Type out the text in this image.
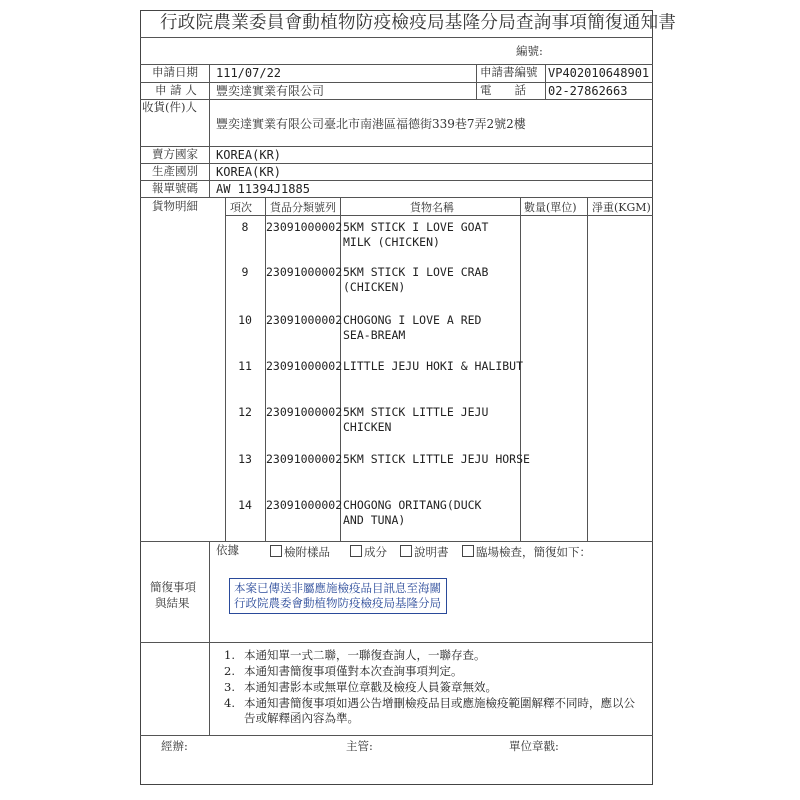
行政院農業委員會動植物防疫檢疫局基隆分局查詢事項簡復通知書
編號:
申請日期 111/07/22	申請書編號 VP402010648901
申 請 人 豐奕達實業有限公司	電　　話 02-27862663
收貨(件)人
豐奕達實業有限公司臺北市南港區福德街339巷7弄2號2樓
賣方國家 KOREA(KR)
生產國別 KOREA(KR)
報單號碼 AW 11394J1885
貨物明細	項次 貨品分類號列	貨物名稱	數量(單位) 淨重(KGM)
8	23091000002 5KM STICK I LOVE GOAT MILK (CHICKEN)
9	23091000002 5KM STICK I LOVE CRAB (CHICKEN)
10	23091000002 CHOGONG I LOVE A RED SEA-BREAM
11	23091000002 LITTLE JEJU HOKI & HALIBUT
12	23091000002 5KM STICK LITTLE JEJU CHICKEN
13	23091000002 5KM STICK LITTLE JEJU HORSE
14	23091000002 CHOGONG ORITANG(DUCK AND TUNA)
依據	檢附樣品	成分	說明書	臨場檢查，簡復如下：
簡復事項
與結果
本案已傳送非屬應施檢疫品目訊息至海關
行政院農委會動植物防疫檢疫局基隆分局
1. 本通知單一式二聯，一聯復查詢人，一聯存查。
2. 本通知書簡復事項僅對本次查詢事項判定。
3. 本通知書影本或無單位章戳及檢疫人員簽章無效。
4. 本通知書簡復事項如遇公告增刪檢疫品目或應施檢疫範圍解釋不同時，應以公告或解釋函內容為準。
經辦:	主管:	單位章戳:
